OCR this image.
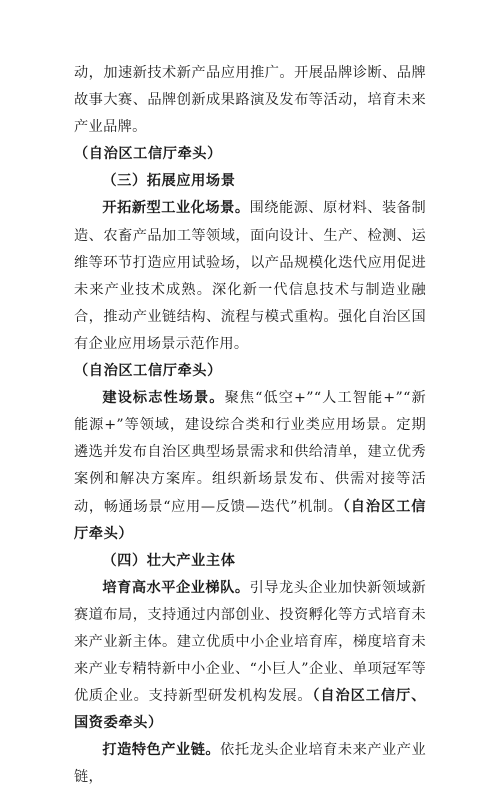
动，加速新技术新产品应用推广。开展品牌诊断、品牌故事大赛、品牌创新成果路演及发布等活动，培育未来产业品牌。

（自治区工信厅牵头）

（三）拓展应用场景

开拓新型工业化场景。围绕能源、原材料、装备制造、农畜产品加工等领域，面向设计、生产、检测、运维等环节打造应用试验场，以产品规模化迭代应用促进未来产业技术成熟。深化新一代信息技术与制造业融合，推动产业链结构、流程与模式重构。强化自治区国有企业应用场景示范作用。

（自治区工信厅牵头）

建设标志性场景。聚焦“低空+”“人工智能+”“新能源+”等领域，建设综合类和行业类应用场景。定期遴选并发布自治区典型场景需求和供给清单，建立优秀案例和解决方案库。组织新场景发布、供需对接等活动，畅通场景“应用—反馈—迭代”机制。（自治区工信厅牵头）

（四）壮大产业主体

培育高水平企业梯队。引导龙头企业加快新领域新赛道布局，支持通过内部创业、投资孵化等方式培育未来产业新主体。建立优质中小企业培育库，梯度培育未来产业专精特新中小企业、“小巨人”企业、单项冠军等优质企业。支持新型研发机构发展。（自治区工信厅、国资委牵头）

打造特色产业链。依托龙头企业培育未来产业产业链，
